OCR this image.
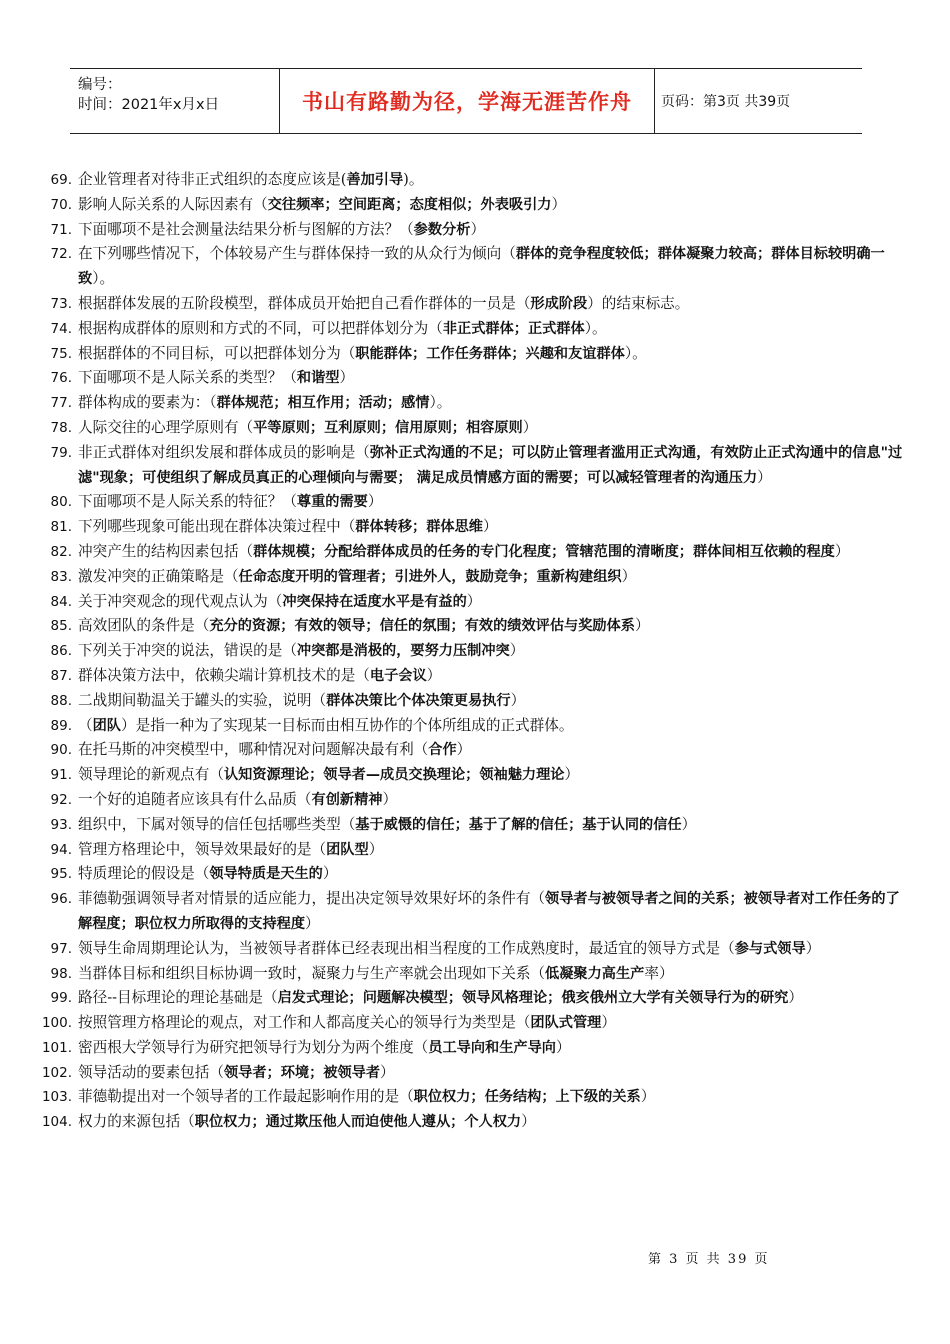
编号：
时间：2021年x月x日	书山有路勤为径，学海无涯苦作舟	页码：第3页 共39页
69. 企业管理者对待非正式组织的态度应该是(善加引导)。
70. 影响人际关系的人际因素有（交往频率；空间距离；态度相似；外表吸引力）
71. 下面哪项不是社会测量法结果分析与图解的方法？（参数分析）
72. 在下列哪些情况下，个体较易产生与群体保持一致的从众行为倾向（群体的竞争程度较低；群体凝聚力较高；群体目标较明确一致）。
73. 根据群体发展的五阶段模型，群体成员开始把自己看作群体的一员是（形成阶段）的结束标志。
74. 根据构成群体的原则和方式的不同，可以把群体划分为（非正式群体；正式群体）。
75. 根据群体的不同目标，可以把群体划分为（职能群体；工作任务群体；兴趣和友谊群体）。
76. 下面哪项不是人际关系的类型？（和谐型）
77. 群体构成的要素为：（群体规范；相互作用；活动；感情）。
78. 人际交往的心理学原则有（平等原则；互利原则；信用原则；相容原则）
79. 非正式群体对组织发展和群体成员的影响是（弥补正式沟通的不足；可以防止管理者滥用正式沟通，有效防止正式沟通中的信息"过滤"现象；可使组织了解成员真正的心理倾向与需要； 满足成员情感方面的需要；可以减轻管理者的沟通压力）
80. 下面哪项不是人际关系的特征？（尊重的需要）
81. 下列哪些现象可能出现在群体决策过程中（群体转移；群体思维）
82. 冲突产生的结构因素包括（群体规模；分配给群体成员的任务的专门化程度；管辖范围的清晰度；群体间相互依赖的程度）
83. 激发冲突的正确策略是（任命态度开明的管理者；引进外人，鼓励竞争；重新构建组织）
84. 关于冲突观念的现代观点认为（冲突保持在适度水平是有益的）
85. 高效团队的条件是（充分的资源；有效的领导；信任的氛围；有效的绩效评估与奖励体系）
86. 下列关于冲突的说法，错误的是（冲突都是消极的，要努力压制冲突）
87. 群体决策方法中，依赖尖端计算机技术的是（电子会议）
88. 二战期间勒温关于罐头的实验，说明（群体决策比个体决策更易执行）
89. （团队）是指一种为了实现某一目标而由相互协作的个体所组成的正式群体。
90. 在托马斯的冲突模型中，哪种情况对问题解决最有利（合作）
91. 领导理论的新观点有（认知资源理论；领导者—成员交换理论；领袖魅力理论）
92. 一个好的追随者应该具有什么品质（有创新精神）
93. 组织中，下属对领导的信任包括哪些类型（基于威慑的信任；基于了解的信任；基于认同的信任）
94. 管理方格理论中，领导效果最好的是（团队型）
95. 特质理论的假设是（领导特质是天生的）
96. 菲德勒强调领导者对情景的适应能力，提出决定领导效果好坏的条件有（领导者与被领导者之间的关系；被领导者对工作任务的了解程度；职位权力所取得的支持程度）
97. 领导生命周期理论认为，当被领导者群体已经表现出相当程度的工作成熟度时，最适宜的领导方式是（参与式领导）
98. 当群体目标和组织目标协调一致时，凝聚力与生产率就会出现如下关系（低凝聚力高生产率）
99. 路径--目标理论的理论基础是（启发式理论；问题解决模型；领导风格理论；俄亥俄州立大学有关领导行为的研究）
100. 按照管理方格理论的观点，对工作和人都高度关心的领导行为类型是（团队式管理）
101. 密西根大学领导行为研究把领导行为划分为两个维度（员工导向和生产导向）
102. 领导活动的要素包括（领导者；环境；被领导者）
103. 菲德勒提出对一个领导者的工作最起影响作用的是（职位权力；任务结构；上下级的关系）
104. 权力的来源包括（职位权力；通过欺压他人而迫使他人遵从；个人权力）
第 3 页 共 39 页
